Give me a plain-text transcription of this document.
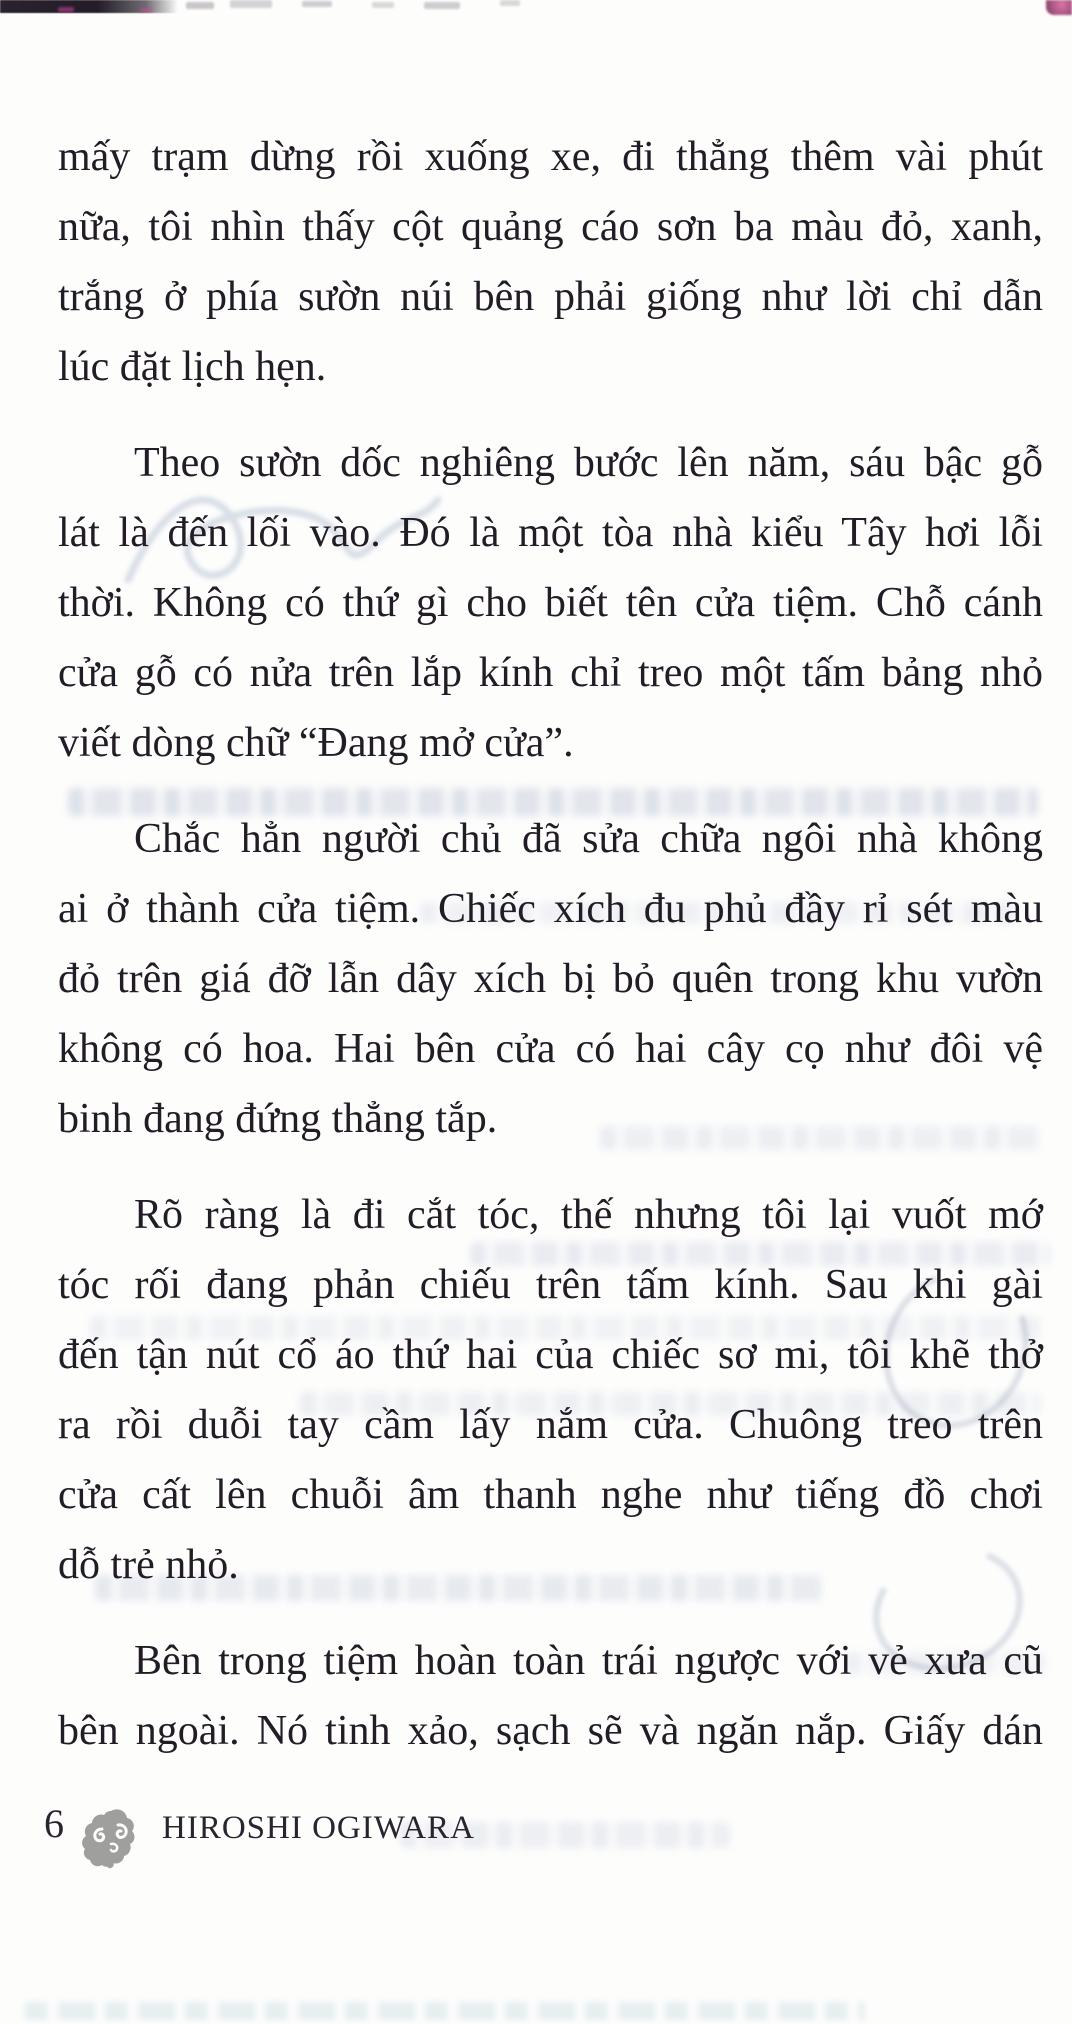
mấy trạm dừng rồi xuống xe, đi thẳng thêm vài phút
nữa, tôi nhìn thấy cột quảng cáo sơn ba màu đỏ, xanh,
trắng ở phía sườn núi bên phải giống như lời chỉ dẫn
lúc đặt lịch hẹn.
Theo sườn dốc nghiêng bước lên năm, sáu bậc gỗ
lát là đến lối vào. Đó là một tòa nhà kiểu Tây hơi lỗi
thời. Không có thứ gì cho biết tên cửa tiệm. Chỗ cánh
cửa gỗ có nửa trên lắp kính chỉ treo một tấm bảng nhỏ
viết dòng chữ “Đang mở cửa”.
Chắc hẳn người chủ đã sửa chữa ngôi nhà không
ai ở thành cửa tiệm. Chiếc xích đu phủ đầy rỉ sét màu
đỏ trên giá đỡ lẫn dây xích bị bỏ quên trong khu vườn
không có hoa. Hai bên cửa có hai cây cọ như đôi vệ
binh đang đứng thẳng tắp.
Rõ ràng là đi cắt tóc, thế nhưng tôi lại vuốt mớ
tóc rối đang phản chiếu trên tấm kính. Sau khi gài
đến tận nút cổ áo thứ hai của chiếc sơ mi, tôi khẽ thở
ra rồi duỗi tay cầm lấy nắm cửa. Chuông treo trên
cửa cất lên chuỗi âm thanh nghe như tiếng đồ chơi
dỗ trẻ nhỏ.
Bên trong tiệm hoàn toàn trái ngược với vẻ xưa cũ
bên ngoài. Nó tinh xảo, sạch sẽ và ngăn nắp. Giấy dán
6	HIROSHI OGIWARA
